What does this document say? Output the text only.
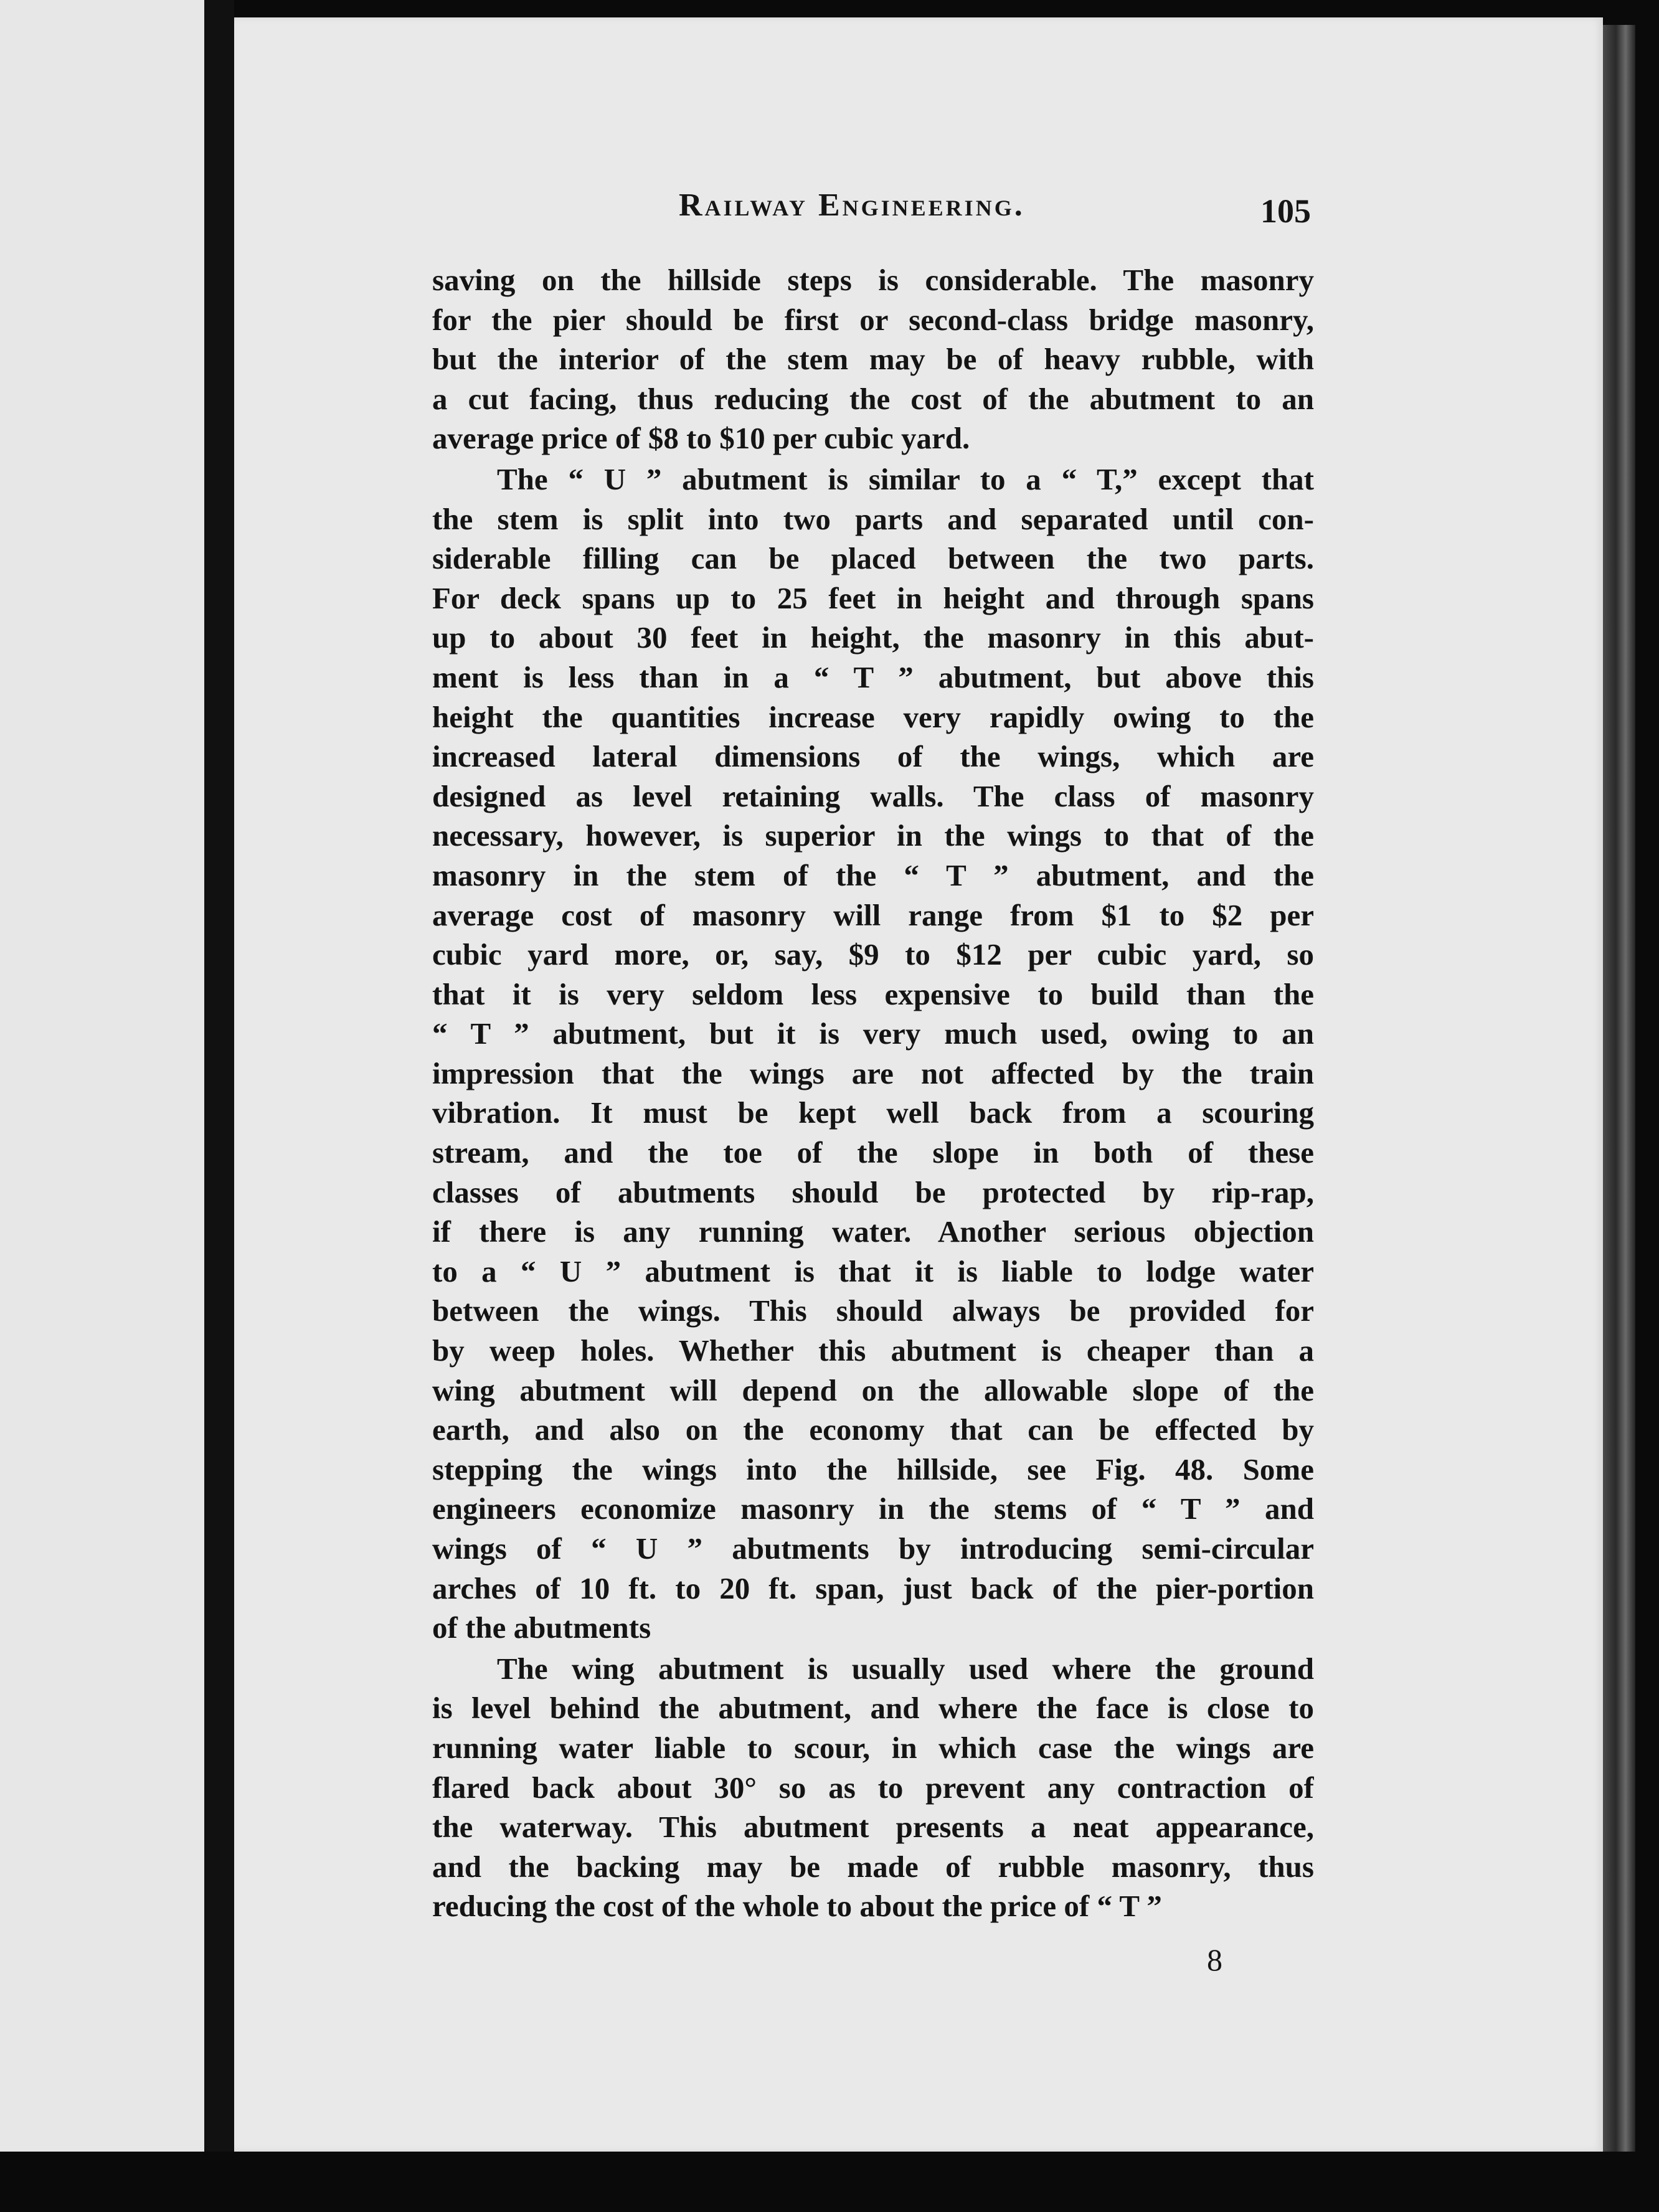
Railway Engineering.	105
saving on the hillside steps is considerable. The masonry
for the pier should be first or second-class bridge masonry,
but the interior of the stem may be of heavy rubble, with
a cut facing, thus reducing the cost of the abutment to an
average price of $8 to $10 per cubic yard.
The “ U ” abutment is similar to a “ T,” except that
the stem is split into two parts and separated until con-
siderable filling can be placed between the two parts.
For deck spans up to 25 feet in height and through spans
up to about 30 feet in height, the masonry in this abut-
ment is less than in a “ T ” abutment, but above this
height the quantities increase very rapidly owing to the
increased lateral dimensions of the wings, which are
designed as level retaining walls. The class of masonry
necessary, however, is superior in the wings to that of the
masonry in the stem of the “ T ” abutment, and the
average cost of masonry will range from $1 to $2 per
cubic yard more, or, say, $9 to $12 per cubic yard, so
that it is very seldom less expensive to build than the
“ T ” abutment, but it is very much used, owing to an
impression that the wings are not affected by the train
vibration. It must be kept well back from a scouring
stream, and the toe of the slope in both of these
classes of abutments should be protected by rip-rap,
if there is any running water. Another serious objection
to a “ U ” abutment is that it is liable to lodge water
between the wings. This should always be provided for
by weep holes. Whether this abutment is cheaper than a
wing abutment will depend on the allowable slope of the
earth, and also on the economy that can be effected by
stepping the wings into the hillside, see Fig. 48. Some
engineers economize masonry in the stems of “ T ” and
wings of “ U ” abutments by introducing semi-circular
arches of 10 ft. to 20 ft. span, just back of the pier-portion
of the abutments
The wing abutment is usually used where the ground
is level behind the abutment, and where the face is close to
running water liable to scour, in which case the wings are
flared back about 30° so as to prevent any contraction of
the waterway. This abutment presents a neat appearance,
and the backing may be made of rubble masonry, thus
reducing the cost of the whole to about the price of “ T ”
8
